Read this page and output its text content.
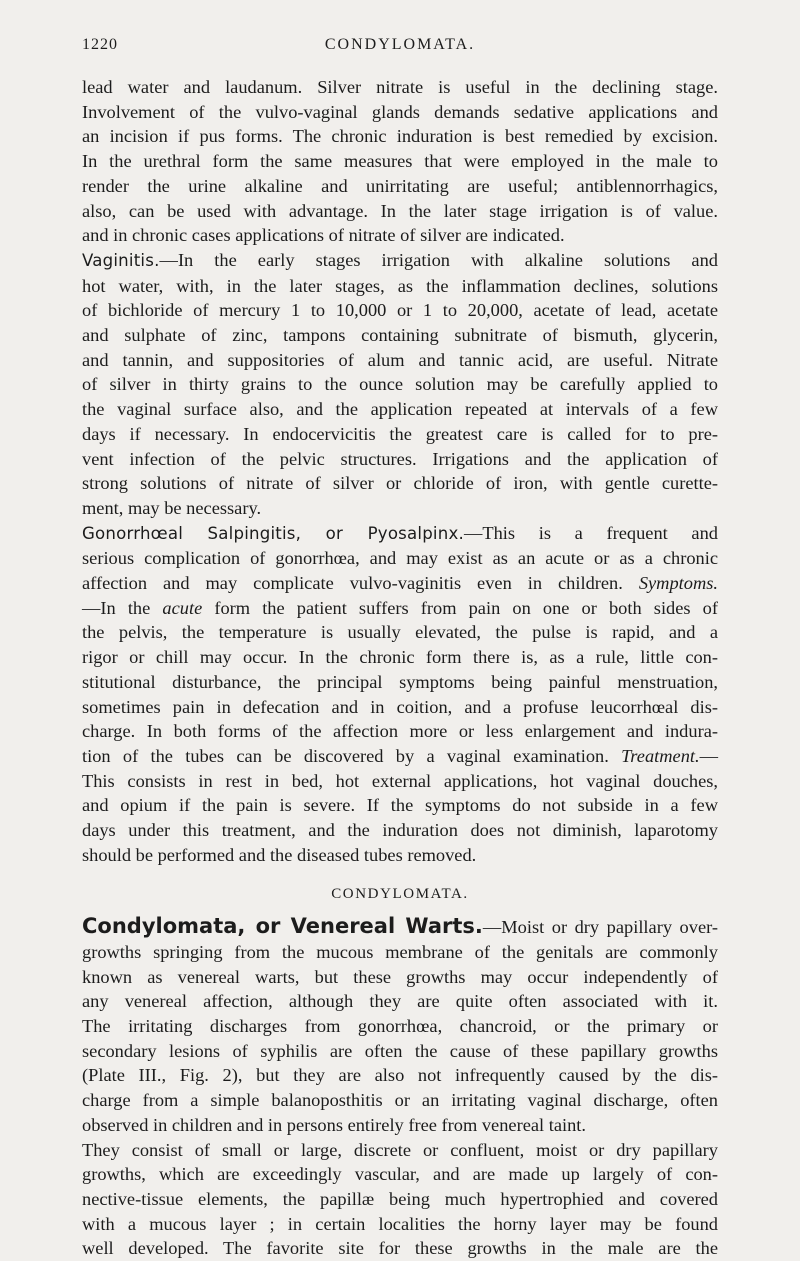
1220	CONDYLOMATA.
lead water and laudanum. Silver nitrate is useful in the declining stage.
Involvement of the vulvo-vaginal glands demands sedative applications and
an incision if pus forms. The chronic induration is best remedied by excision.
In the urethral form the same measures that were employed in the male to
render the urine alkaline and unirritating are useful; antiblennorrhagics,
also, can be used with advantage. In the later stage irrigation is of value.
and in chronic cases applications of nitrate of silver are indicated.
Vaginitis.—In the early stages irrigation with alkaline solutions and
hot water, with, in the later stages, as the inflammation declines, solutions
of bichloride of mercury 1 to 10,000 or 1 to 20,000, acetate of lead, acetate
and sulphate of zinc, tampons containing subnitrate of bismuth, glycerin,
and tannin, and suppositories of alum and tannic acid, are useful. Nitrate
of silver in thirty grains to the ounce solution may be carefully applied to
the vaginal surface also, and the application repeated at intervals of a few
days if necessary. In endocervicitis the greatest care is called for to pre-
vent infection of the pelvic structures. Irrigations and the application of
strong solutions of nitrate of silver or chloride of iron, with gentle curette-
ment, may be necessary.
Gonorrhœal Salpingitis, or Pyosalpinx.—This is a frequent and
serious complication of gonorrhœa, and may exist as an acute or as a chronic
affection and may complicate vulvo-vaginitis even in children. Symptoms.
—In the acute form the patient suffers from pain on one or both sides of
the pelvis, the temperature is usually elevated, the pulse is rapid, and a
rigor or chill may occur. In the chronic form there is, as a rule, little con-
stitutional disturbance, the principal symptoms being painful menstruation,
sometimes pain in defecation and in coition, and a profuse leucorrhœal dis-
charge. In both forms of the affection more or less enlargement and indura-
tion of the tubes can be discovered by a vaginal examination. Treatment.—
This consists in rest in bed, hot external applications, hot vaginal douches,
and opium if the pain is severe. If the symptoms do not subside in a few
days under this treatment, and the induration does not diminish, laparotomy
should be performed and the diseased tubes removed.
CONDYLOMATA.
Condylomata, or Venereal Warts.—Moist or dry papillary over-
growths springing from the mucous membrane of the genitals are commonly
known as venereal warts, but these growths may occur independently of
any venereal affection, although they are quite often associated with it.
The irritating discharges from gonorrhœa, chancroid, or the primary or
secondary lesions of syphilis are often the cause of these papillary growths
(Plate III., Fig. 2), but they are also not infrequently caused by the dis-
charge from a simple balanoposthitis or an irritating vaginal discharge, often
observed in children and in persons entirely free from venereal taint.
They consist of small or large, discrete or confluent, moist or dry papillary
growths, which are exceedingly vascular, and are made up largely of con-
nective-tissue elements, the papillæ being much hypertrophied and covered
with a mucous layer ; in certain localities the horny layer may be found
well developed. The favorite site for these growths in the male are the
